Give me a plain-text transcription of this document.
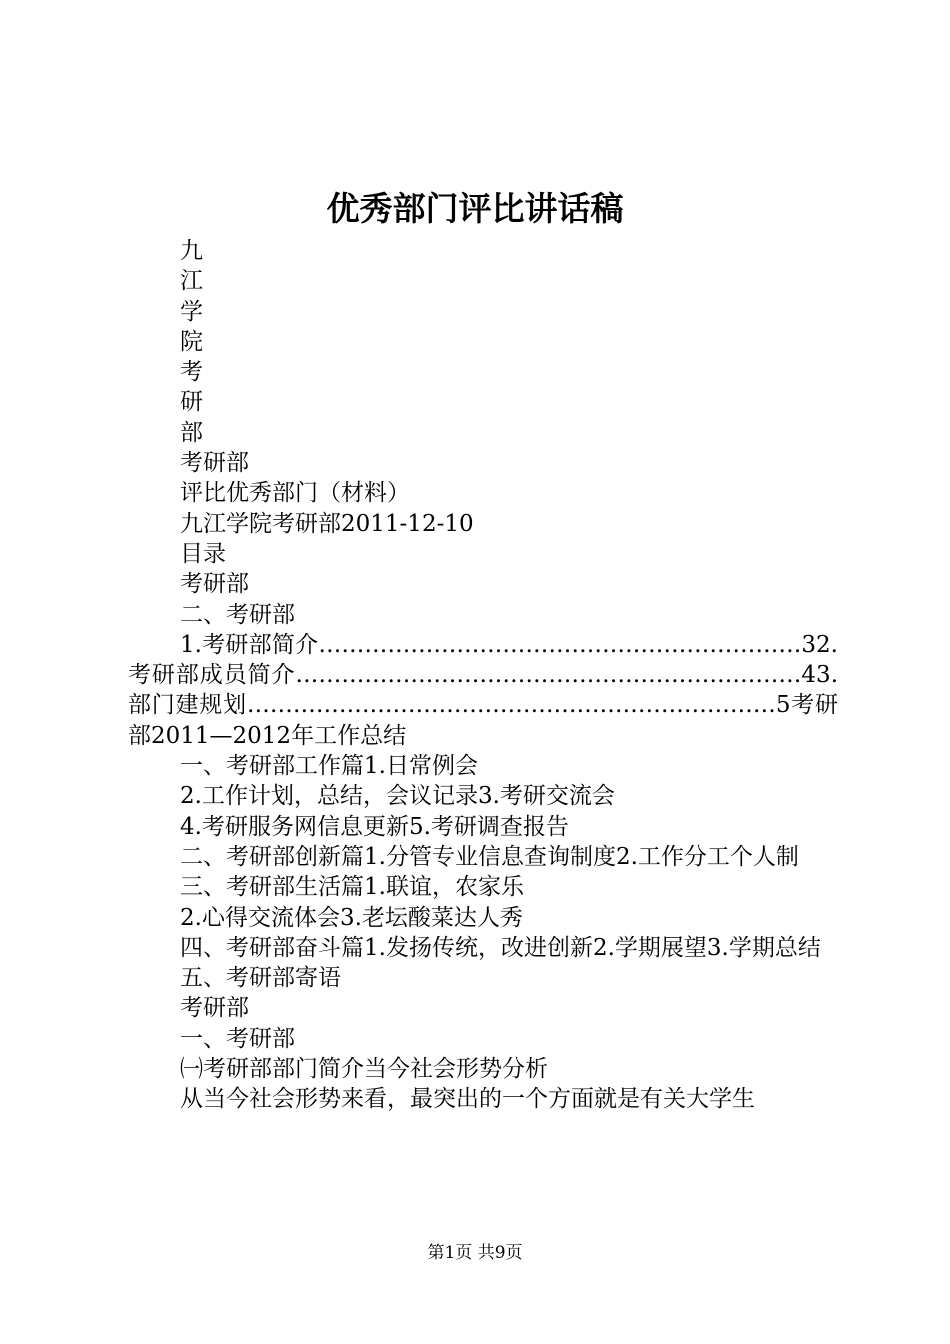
优秀部门评比讲话稿

九

江

学

院

考

研

部

考研部

评比优秀部门（材料）

九江学院考研部2011-12-10

目录

考研部

二、考研部

1.考研部简介………………………………………………………32.考研部成员简介…………………………………………………………43.部门建规划……………………………………………………………5考研部2011—2012年工作总结

一、考研部工作篇1.日常例会

2.工作计划，总结，会议记录3.考研交流会

4.考研服务网信息更新5.考研调查报告

二、考研部创新篇1.分管专业信息查询制度2.工作分工个人制

三、考研部生活篇1.联谊，农家乐

2.心得交流体会3.老坛酸菜达人秀

四、考研部奋斗篇1.发扬传统，改进创新2.学期展望3.学期总结

五、考研部寄语

考研部

一、考研部

㈠考研部部门简介当今社会形势分析

从当今社会形势来看，最突出的一个方面就是有关大学生

第1页 共9页
